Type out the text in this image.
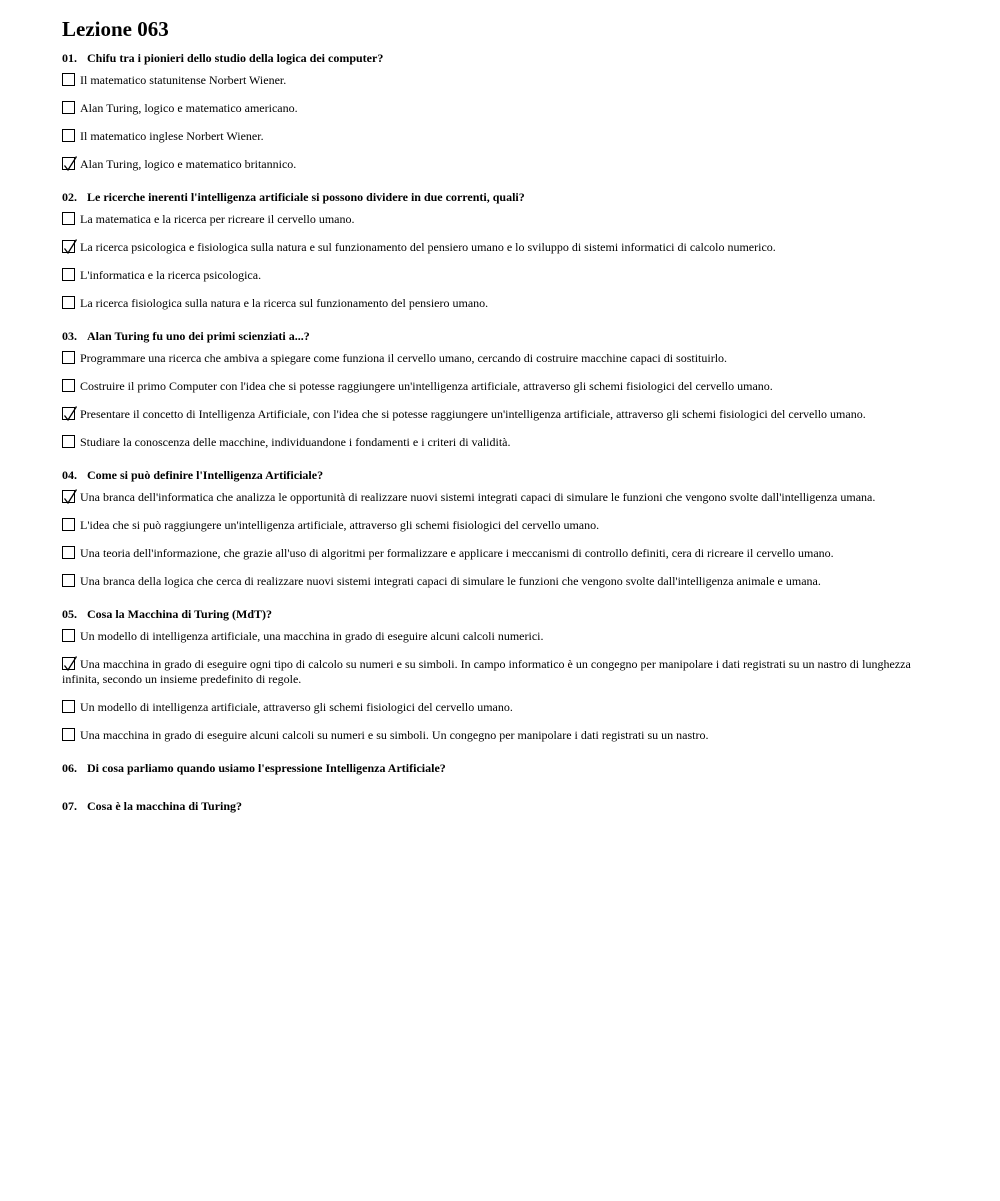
Lezione 063
01. Chifu tra i pionieri dello studio della logica dei computer?
Il matematico statunitense Norbert Wiener.
Alan Turing, logico e matematico americano.
Il matematico inglese Norbert Wiener.
Alan Turing, logico e matematico britannico.
02. Le ricerche inerenti l'intelligenza artificiale si possono dividere in due correnti, quali?
La matematica e la ricerca per ricreare il cervello umano.
La ricerca psicologica e fisiologica sulla natura e sul funzionamento del pensiero umano e lo sviluppo di sistemi informatici di calcolo numerico.
L'informatica e la ricerca psicologica.
La ricerca fisiologica sulla natura e la ricerca sul funzionamento del pensiero umano.
03. Alan Turing fu uno dei primi scienziati a...?
Programmare una ricerca che ambiva a spiegare come funziona il cervello umano, cercando di costruire macchine capaci di sostituirlo.
Costruire il primo Computer con l'idea che si potesse raggiungere un'intelligenza artificiale, attraverso gli schemi fisiologici del cervello umano.
Presentare il concetto di Intelligenza Artificiale, con l'idea che si potesse raggiungere un'intelligenza artificiale, attraverso gli schemi fisiologici del cervello umano.
Studiare la conoscenza delle macchine, individuandone i fondamenti e i criteri di validità.
04. Come si può definire l'Intelligenza Artificiale?
Una branca dell'informatica che analizza le opportunità di realizzare nuovi sistemi integrati capaci di simulare le funzioni che vengono svolte dall'intelligenza umana.
L'idea che si può raggiungere un'intelligenza artificiale, attraverso gli schemi fisiologici del cervello umano.
Una teoria dell'informazione, che grazie all'uso di algoritmi per formalizzare e applicare i meccanismi di controllo definiti, cera di ricreare il cervello umano.
Una branca della logica che cerca di realizzare nuovi sistemi integrati capaci di simulare le funzioni che vengono svolte dall'intelligenza animale e umana.
05. Cosa la Macchina di Turing (MdT)?
Un modello di intelligenza artificiale, una macchina in grado di eseguire alcuni calcoli numerici.
Una macchina in grado di eseguire ogni tipo di calcolo su numeri e su simboli. In campo informatico è un congegno per manipolare i dati registrati su un nastro di lunghezza infinita, secondo un insieme predefinito di regole.
Un modello di intelligenza artificiale, attraverso gli schemi fisiologici del cervello umano.
Una macchina in grado di eseguire alcuni calcoli su numeri e su simboli. Un congegno per manipolare i dati registrati su un nastro.
06. Di cosa parliamo quando usiamo l'espressione Intelligenza Artificiale?
07. Cosa è la macchina di Turing?
